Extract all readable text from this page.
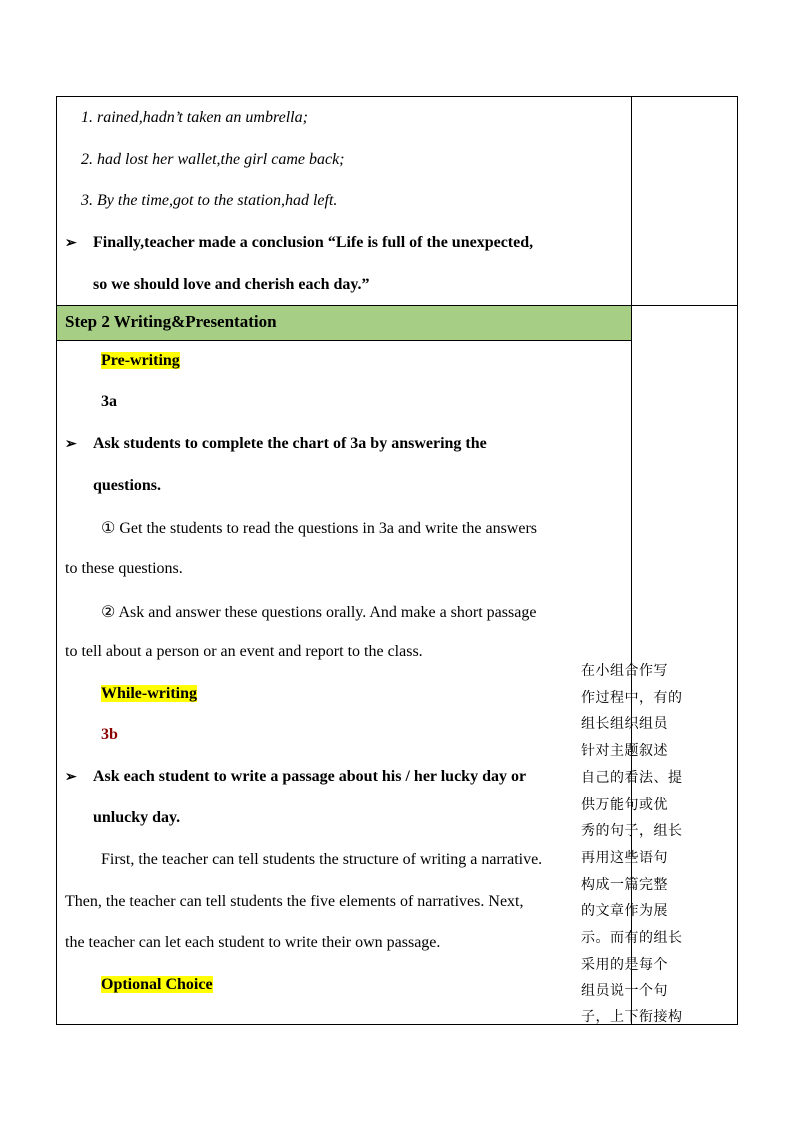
Step 2 Writing&Presentation
1. rained,hadn’t taken an umbrella;
2. had lost her wallet,the girl came back;
3. By the time,got to the station,had left.
➢ Finally,teacher made a conclusion “Life is full of the unexpected,
so we should love and cherish each day.”
Pre-writing
3a
➢ Ask students to complete the chart of 3a by answering the
questions.
① Get the students to read the questions in 3a and write the answers
to these questions.
② Ask and answer these questions orally. And make a short passage
to tell about a person or an event and report to the class.
While-writing
3b
➢ Ask each student to write a passage about his / her lucky day or
unlucky day.
First, the teacher can tell students the structure of writing a narrative.
Then, the teacher can tell students the five elements of narratives. Next,
the teacher can let each student to write their own passage.
Optional Choice
在小组合作写
作过程中，有的
组长组织组员
针对主题叙述
自己的看法、提
供万能句或优
秀的句子，组长
再用这些语句
构成一篇完整
的文章作为展
示。而有的组长
采用的是每个
组员说一个句
子，上下衔接构
